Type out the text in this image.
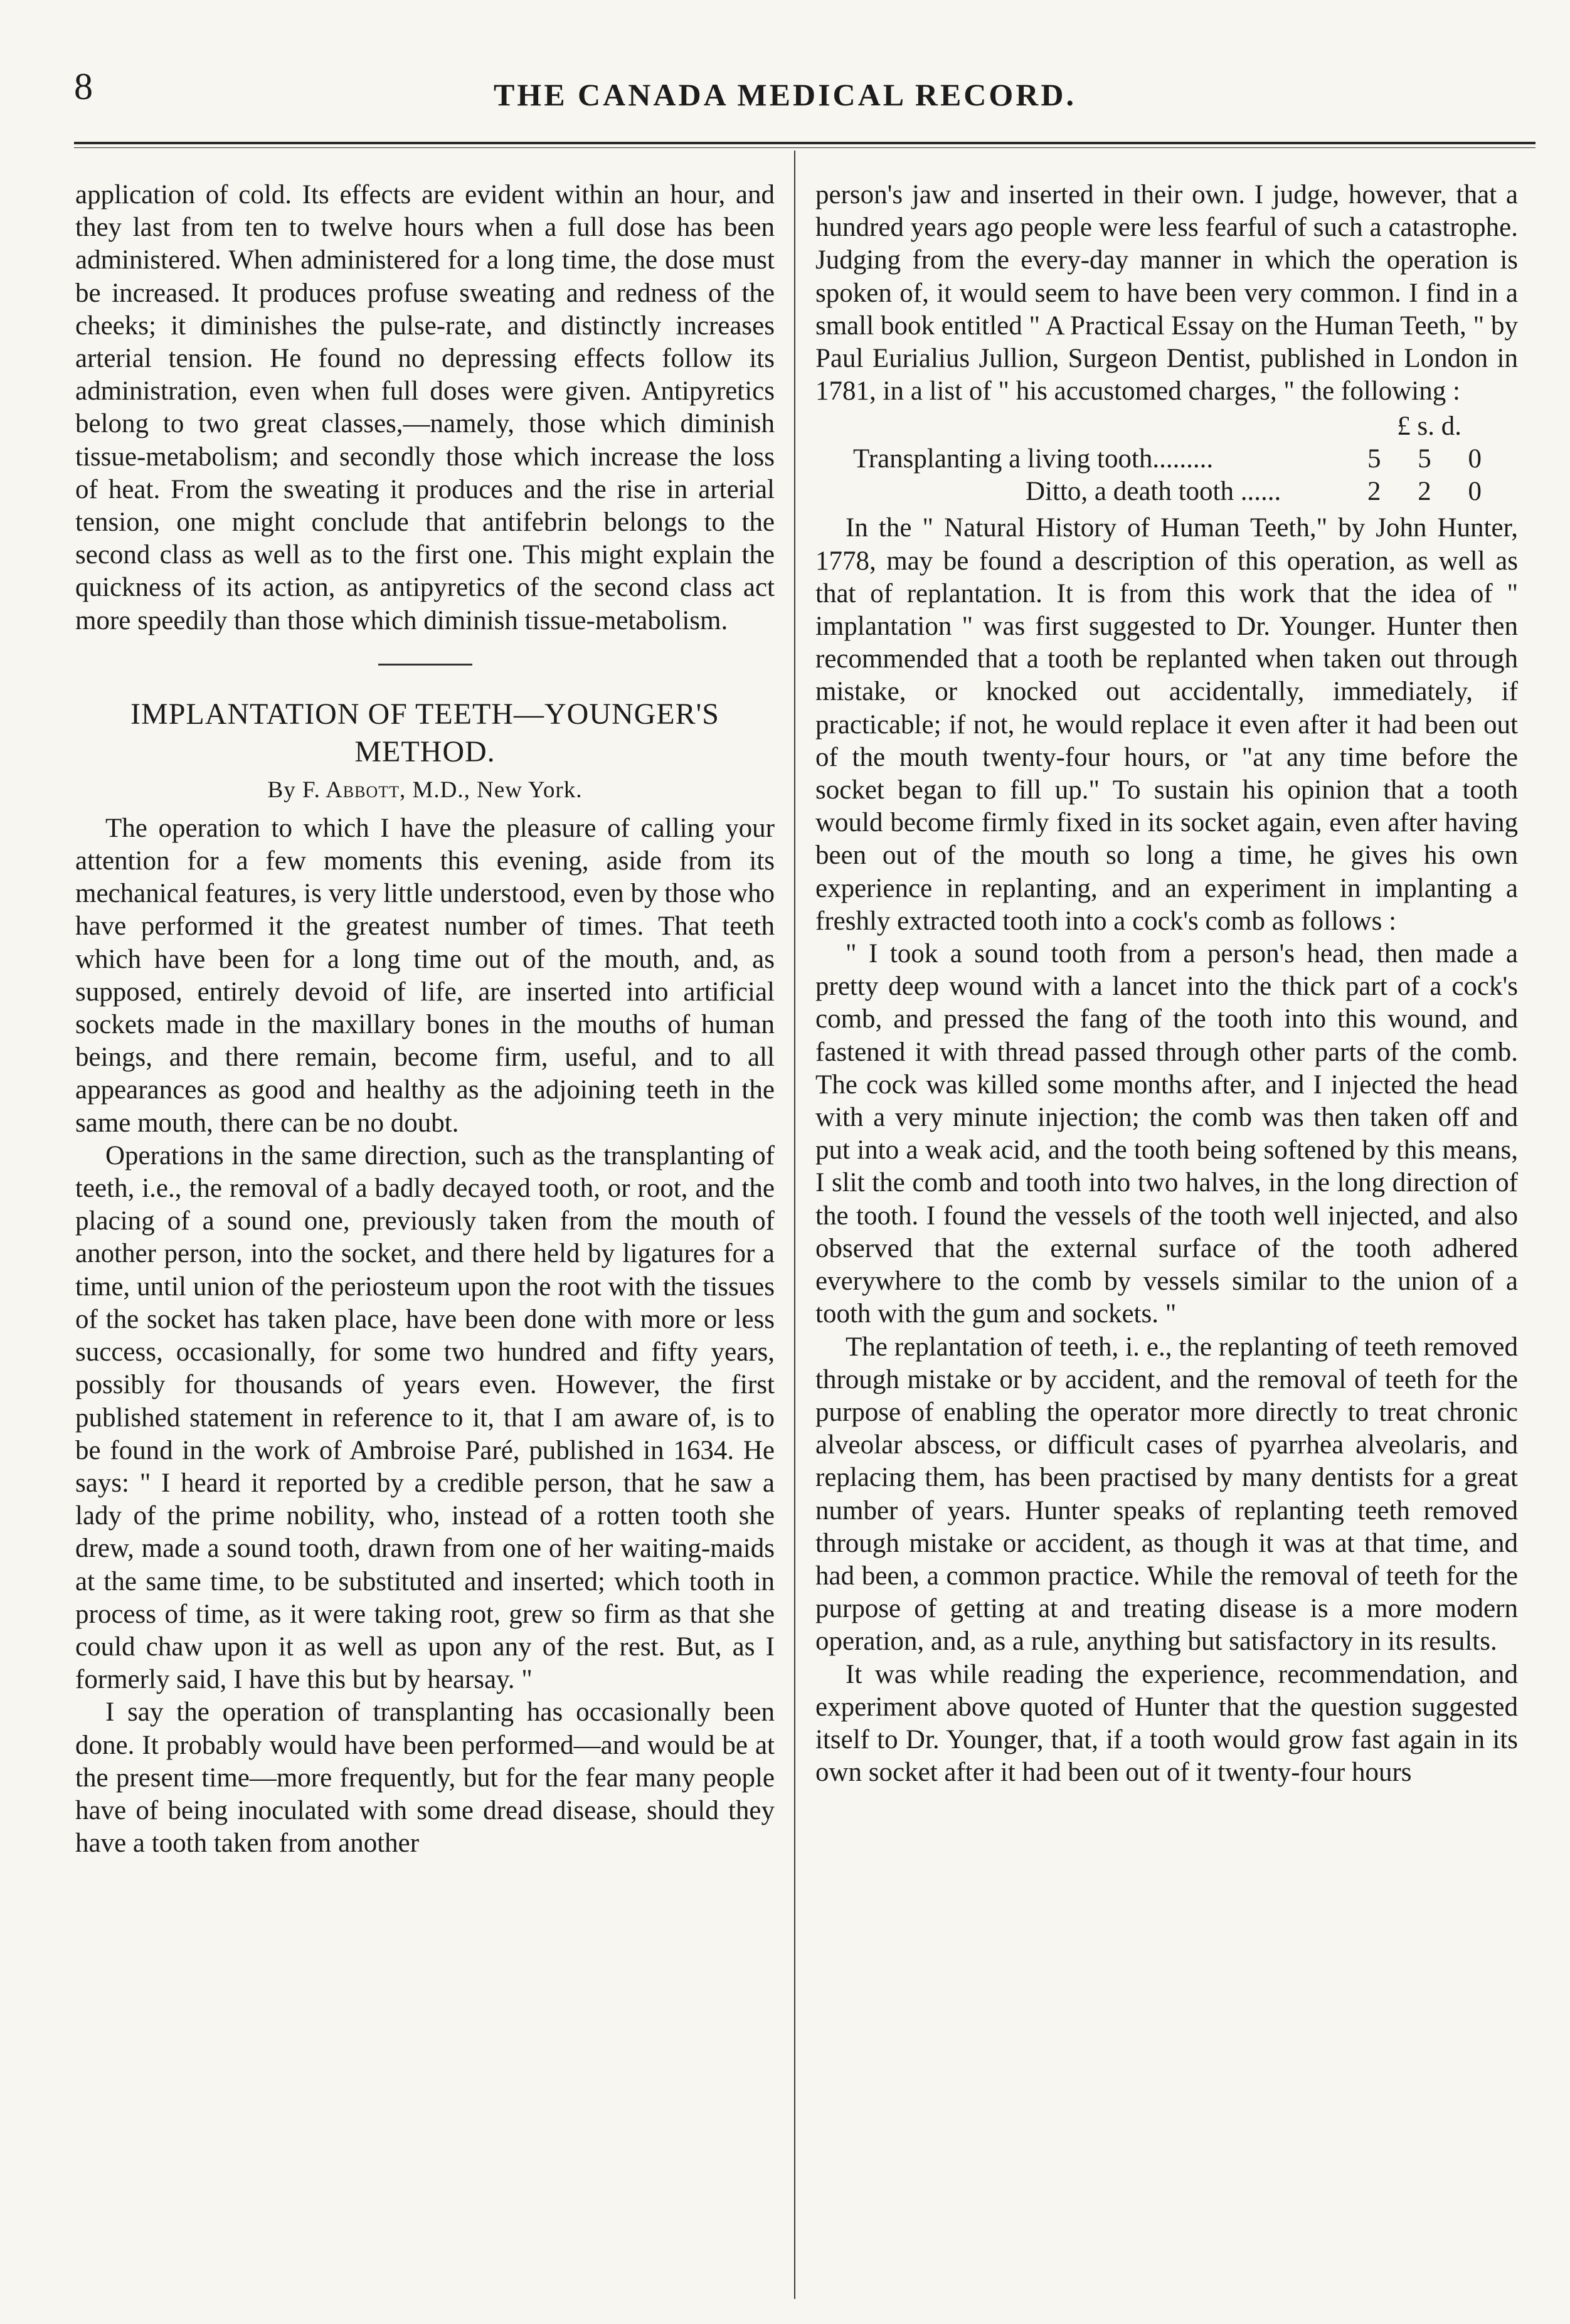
8	THE CANADA MEDICAL RECORD.

application of cold. Its effects are evident within an hour, and they last from ten to twelve hours when a full dose has been administered. When administered for a long time, the dose must be increased. It produces profuse sweating and redness of the cheeks; it diminishes the pulse-rate, and distinctly increases arterial tension. He found no depressing effects follow its administration, even when full doses were given. Antipyretics belong to two great classes,—namely, those which diminish tissue-metabolism; and secondly those which increase the loss of heat. From the sweating it produces and the rise in arterial tension, one might conclude that antifebrin belongs to the second class as well as to the first one. This might explain the quickness of its action, as antipyretics of the second class act more speedily than those which diminish tissue-metabolism.

IMPLANTATION OF TEETH—YOUNGER'S METHOD.
By F. Abbott, M.D., New York.

The operation to which I have the pleasure of calling your attention for a few moments this evening, aside from its mechanical features, is very little understood, even by those who have performed it the greatest number of times. That teeth which have been for a long time out of the mouth, and, as supposed, entirely devoid of life, are inserted into artificial sockets made in the maxillary bones in the mouths of human beings, and there remain, become firm, useful, and to all appearances as good and healthy as the adjoining teeth in the same mouth, there can be no doubt.

Operations in the same direction, such as the transplanting of teeth, i.e., the removal of a badly decayed tooth, or root, and the placing of a sound one, previously taken from the mouth of another person, into the socket, and there held by ligatures for a time, until union of the periosteum upon the root with the tissues of the socket has taken place, have been done with more or less success, occasionally, for some two hundred and fifty years, possibly for thousands of years even. However, the first published statement in reference to it, that I am aware of, is to be found in the work of Ambroise Paré, published in 1634. He says: " I heard it reported by a credible person, that he saw a lady of the prime nobility, who, instead of a rotten tooth she drew, made a sound tooth, drawn from one of her waiting-maids at the same time, to be substituted and inserted; which tooth in process of time, as it were taking root, grew so firm as that she could chaw upon it as well as upon any of the rest. But, as I formerly said, I have this but by hearsay. "

I say the operation of transplanting has occasionally been done. It probably would have been performed—and would be at the present time—more frequently, but for the fear many people have of being inoculated with some dread disease, should they have a tooth taken from another

person's jaw and inserted in their own. I judge, however, that a hundred years ago people were less fearful of such a catastrophe. Judging from the every-day manner in which the operation is spoken of, it would seem to have been very common. I find in a small book entitled " A Practical Essay on the Human Teeth, " by Paul Eurialius Jullion, Surgeon Dentist, published in London in 1781, in a list of " his accustomed charges, " the following :

£ s. d.
Transplanting a living tooth.........	5 5 0
Ditto, a death tooth ......	2 2 0

In the " Natural History of Human Teeth," by John Hunter, 1778, may be found a description of this operation, as well as that of replantation. It is from this work that the idea of " implantation " was first suggested to Dr. Younger. Hunter then recommended that a tooth be replanted when taken out through mistake, or knocked out accidentally, immediately, if practicable; if not, he would replace it even after it had been out of the mouth twenty-four hours, or "at any time before the socket began to fill up." To sustain his opinion that a tooth would become firmly fixed in its socket again, even after having been out of the mouth so long a time, he gives his own experience in replanting, and an experiment in implanting a freshly extracted tooth into a cock's comb as follows :

" I took a sound tooth from a person's head, then made a pretty deep wound with a lancet into the thick part of a cock's comb, and pressed the fang of the tooth into this wound, and fastened it with thread passed through other parts of the comb. The cock was killed some months after, and I injected the head with a very minute injection; the comb was then taken off and put into a weak acid, and the tooth being softened by this means, I slit the comb and tooth into two halves, in the long direction of the tooth. I found the vessels of the tooth well injected, and also observed that the external surface of the tooth adhered everywhere to the comb by vessels similar to the union of a tooth with the gum and sockets. "

The replantation of teeth, i. e., the replanting of teeth removed through mistake or by accident, and the removal of teeth for the purpose of enabling the operator more directly to treat chronic alveolar abscess, or difficult cases of pyarrhea alveolaris, and replacing them, has been practised by many dentists for a great number of years. Hunter speaks of replanting teeth removed through mistake or accident, as though it was at that time, and had been, a common practice. While the removal of teeth for the purpose of getting at and treating disease is a more modern operation, and, as a rule, anything but satisfactory in its results.

It was while reading the experience, recommendation, and experiment above quoted of Hunter that the question suggested itself to Dr. Younger, that, if a tooth would grow fast again in its own socket after it had been out of it twenty-four hours
